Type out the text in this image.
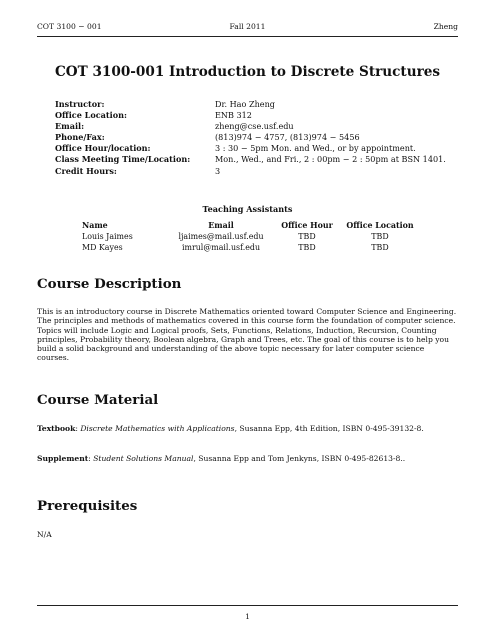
COT 3100 − 001	Fall 2011	Zheng
COT 3100-001 Introduction to Discrete Structures
Instructor:	Dr. Hao Zheng
Office Location:	ENB 312
Email:	zheng@cse.usf.edu
Phone/Fax:	(813)974 − 4757, (813)974 − 5456
Office Hour/location:	3 : 30 − 5pm Mon. and Wed., or by appointment.
Class Meeting Time/Location:	Mon., Wed., and Fri., 2 : 00pm − 2 : 50pm at BSN 1401.
Credit Hours:	3
Teaching Assistants
Name	Email	Office Hour	Office Location
Louis Jaimes	ljaimes@mail.usf.edu	TBD	TBD
MD Kayes	imrul@mail.usf.edu	TBD	TBD
Course Description

This is an introductory course in Discrete Mathematics oriented toward Computer Science and Engineering. The principles and methods of mathematics covered in this course form the foundation of computer science. Topics will include Logic and Logical proofs, Sets, Functions, Relations, Induction, Recursion, Counting principles, Probability theory, Boolean algebra, Graph and Trees, etc. The goal of this course is to help you build a solid background and understanding of the above topic necessary for later computer science courses.

Course Material

Textbook: Discrete Mathematics with Applications, Susanna Epp, 4th Edition, ISBN 0-495-39132-8.

Supplement: Student Solutions Manual, Susanna Epp and Tom Jenkyns, ISBN 0-495-82613-8..

Prerequisites

N/A

1
